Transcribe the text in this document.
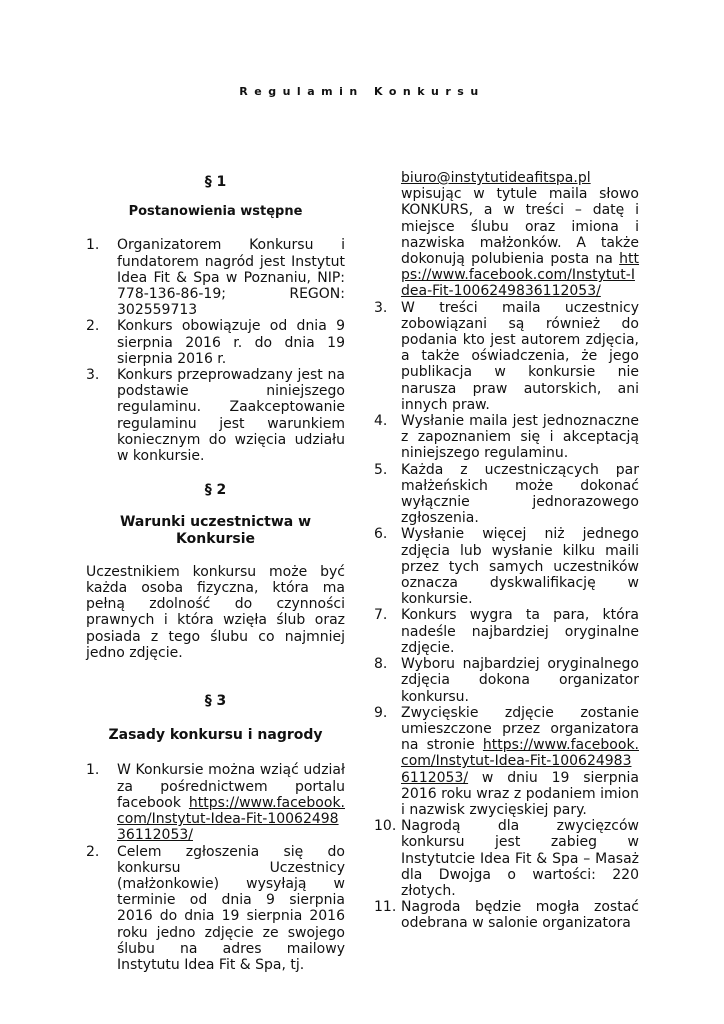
Regulamin Konkursu
§ 1
Postanowienia wstępne
1.	Organizatorem Konkursu i fundatorem nagród jest Instytut Idea Fit & Spa w Poznaniu, NIP: 778-136-86-19; REGON: 302559713
2.	Konkurs obowiązuje od dnia 9 sierpnia 2016 r. do dnia 19 sierpnia 2016 r.
3.	Konkurs przeprowadzany jest na podstawie niniejszego regulaminu. Zaakceptowanie regulaminu jest warunkiem koniecznym do wzięcia udziału w konkursie.
§ 2
Warunki uczestnictwa w Konkursie
Uczestnikiem konkursu może być każda osoba fizyczna, która ma pełną zdolność do czynności prawnych i która wzięła ślub oraz posiada z tego ślubu co najmniej jedno zdjęcie.
§ 3
Zasady konkursu i nagrody
1.	W Konkursie można wziąć udział za pośrednictwem portalu facebook https://www.facebook.com/Instytut-Idea-Fit-1006249836112053/
2.	Celem zgłoszenia się do konkursu Uczestnicy (małżonkowie) wysyłają w terminie od dnia 9 sierpnia 2016 do dnia 19 sierpnia 2016 roku jedno zdjęcie ze swojego ślubu na adres mailowy Instytutu Idea Fit & Spa, tj.
biuro@instytutideafitspa.pl
wpisując w tytule maila słowo KONKURS, a w treści – datę i miejsce ślubu oraz imiona i nazwiska małżonków. A także dokonują polubienia posta na https://www.facebook.com/Instytut-Idea-Fit-1006249836112053/
3. W treści maila uczestnicy zobowiązani są również do podania kto jest autorem zdjęcia, a także oświadczenia, że jego publikacja w konkursie nie narusza praw autorskich, ani innych praw.
4. Wysłanie maila jest jednoznaczne z zapoznaniem się i akceptacją niniejszego regulaminu.
5. Każda z uczestniczących par małżeńskich może dokonać wyłącznie jednorazowego zgłoszenia.
6. Wysłanie więcej niż jednego zdjęcia lub wysłanie kilku maili przez tych samych uczestników oznacza dyskwalifikację w konkursie.
7. Konkurs wygra ta para, która nadeśle najbardziej oryginalne zdjęcie.
8. Wyboru najbardziej oryginalnego zdjęcia dokona organizator konkursu.
9. Zwycięskie zdjęcie zostanie umieszczone przez organizatora na stronie https://www.facebook.com/Instytut-Idea-Fit-1006249836112053/ w dniu 19 sierpnia 2016 roku wraz z podaniem imion i nazwisk zwycięskiej pary.
10. Nagrodą dla zwycięzców konkursu jest zabieg w Instytutcie Idea Fit & Spa – Masaż dla Dwojga o wartości: 220 złotych.
11. Nagroda będzie mogła zostać odebrana w salonie organizatora
